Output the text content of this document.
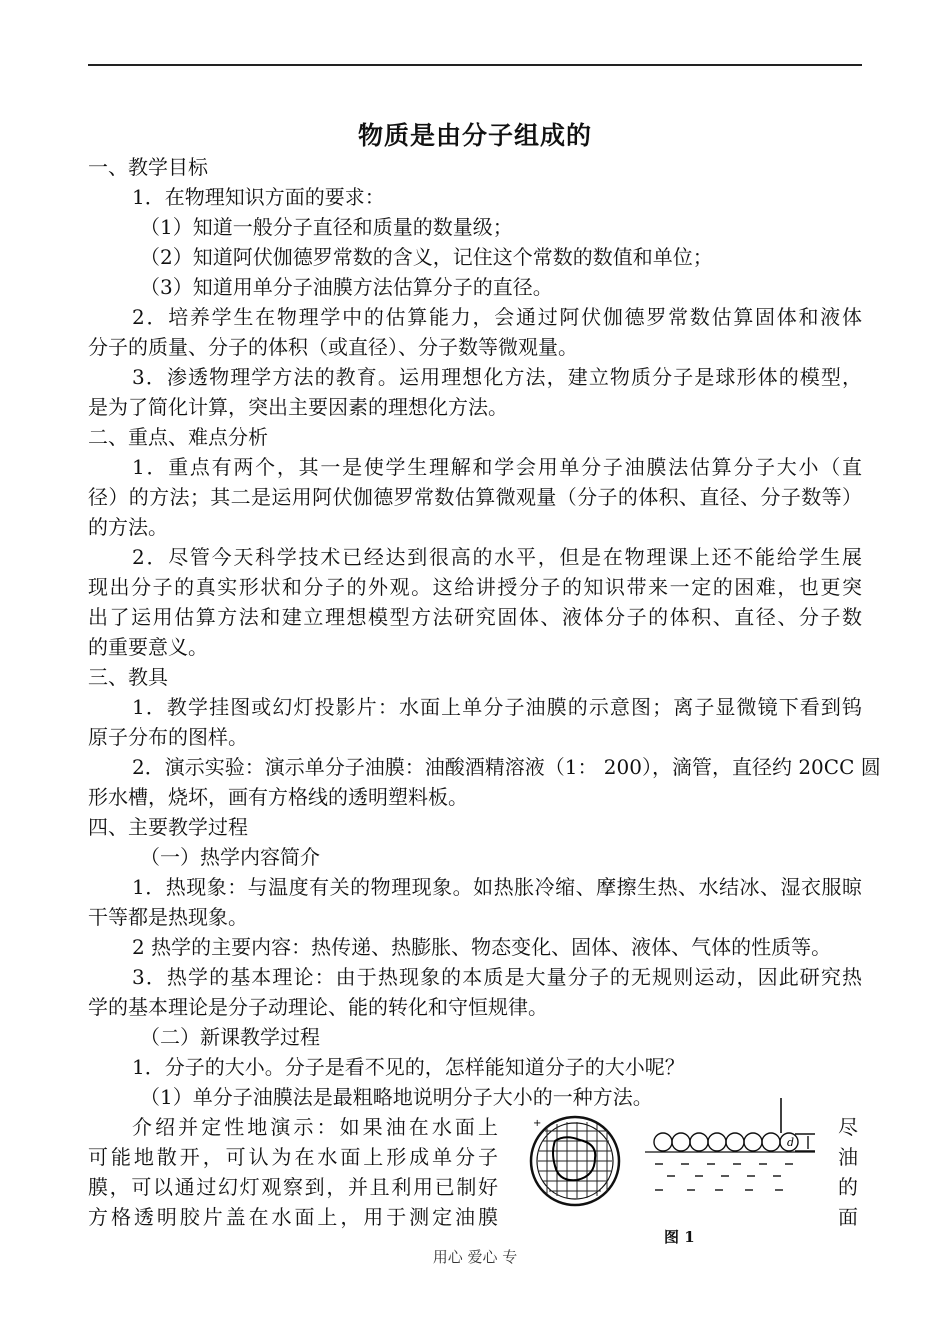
物质是由分子组成的
一、教学目标
1．在物理知识方面的要求：
（1）知道一般分子直径和质量的数量级；
（2）知道阿伏伽德罗常数的含义，记住这个常数的数值和单位；
（3）知道用单分子油膜方法估算分子的直径。
2．培养学生在物理学中的估算能力，会通过阿伏伽德罗常数估算固体和液体
分子的质量、分子的体积（或直径）、分子数等微观量。
3．渗透物理学方法的教育。运用理想化方法，建立物质分子是球形体的模型，
是为了简化计算，突出主要因素的理想化方法。
二、重点、难点分析
1．重点有两个，其一是使学生理解和学会用单分子油膜法估算分子大小（直
径）的方法；其二是运用阿伏伽德罗常数估算微观量（分子的体积、直径、分子数等）
的方法。
2．尽管今天科学技术已经达到很高的水平，但是在物理课上还不能给学生展
现出分子的真实形状和分子的外观。这给讲授分子的知识带来一定的困难，也更突
出了运用估算方法和建立理想模型方法研究固体、液体分子的体积、直径、分子数
的重要意义。
三、教具
1．教学挂图或幻灯投影片：水面上单分子油膜的示意图；离子显微镜下看到钨
原子分布的图样。
2．演示实验：演示单分子油膜：油酸酒精溶液（1： 200），滴管，直径约 20CC 圆
形水槽，烧坏，画有方格线的透明塑料板。
四、主要教学过程
（一）热学内容简介
1．热现象：与温度有关的物理现象。如热胀冷缩、摩擦生热、水结冰、湿衣服晾
干等都是热现象。
2 热学的主要内容：热传递、热膨胀、物态变化、固体、液体、气体的性质等。
3．热学的基本理论：由于热现象的本质是大量分子的无规则运动，因此研究热
学的基本理论是分子动理论、能的转化和守恒规律。
（二）新课教学过程
1．分子的大小。分子是看不见的，怎样能知道分子的大小呢？
（1）单分子油膜法是最粗略地说明分子大小的一种方法。
介绍并定性地演示：如果油在水面上
可能地散开，可认为在水面上形成单分子
膜，可以通过幻灯观察到，并且利用已制好
方格透明胶片盖在水面上，用于测定油膜
尽
油
的
面
+
d
图 1
用心 爱心 专
